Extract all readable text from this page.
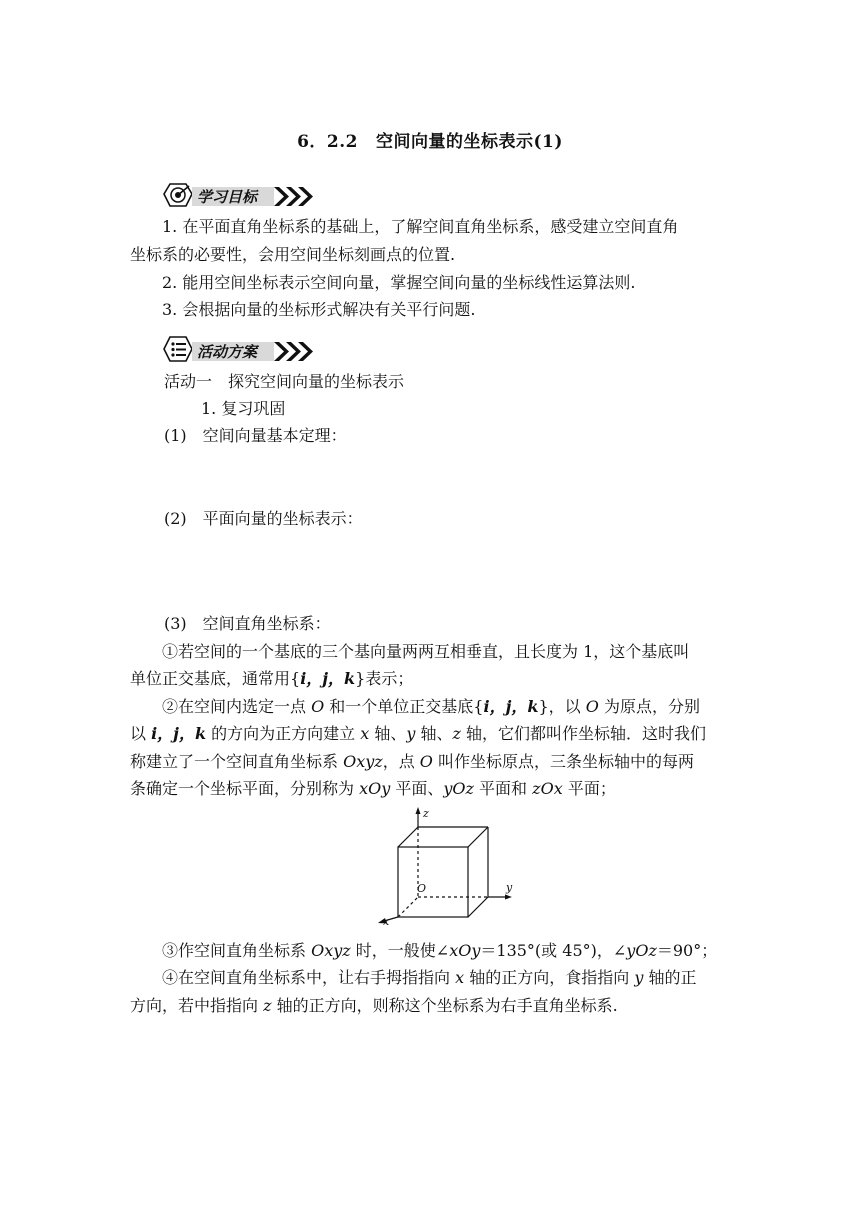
6．2.2 空间向量的坐标表示(1)
学习目标
1. 在平面直角坐标系的基础上，了解空间直角坐标系，感受建立空间直角
坐标系的必要性，会用空间坐标刻画点的位置.
2. 能用空间坐标表示空间向量，掌握空间向量的坐标线性运算法则.
3. 会根据向量的坐标形式解决有关平行问题.
活动方案
活动一　探究空间向量的坐标表示
1. 复习巩固
(1)　空间向量基本定理：
(2)　平面向量的坐标表示：
(3)　空间直角坐标系：
①若空间的一个基底的三个基向量两两互相垂直，且长度为 1，这个基底叫
单位正交基底，通常用{i，j，k}表示；
②在空间内选定一点 O 和一个单位正交基底{i，j，k}，以 O 为原点，分别
以 i，j，k 的方向为正方向建立 x 轴、y 轴、z 轴，它们都叫作坐标轴．这时我们
称建立了一个空间直角坐标系 Oxyz，点 O 叫作坐标原点，三条坐标轴中的每两
条确定一个坐标平面，分别称为 xOy 平面、yOz 平面和 zOx 平面；
z
y
x
O
③作空间直角坐标系 Oxyz 时，一般使∠xOy＝135°(或 45°)，∠yOz＝90°；
④在空间直角坐标系中，让右手拇指指向 x 轴的正方向，食指指向 y 轴的正
方向，若中指指向 z 轴的正方向，则称这个坐标系为右手直角坐标系.
